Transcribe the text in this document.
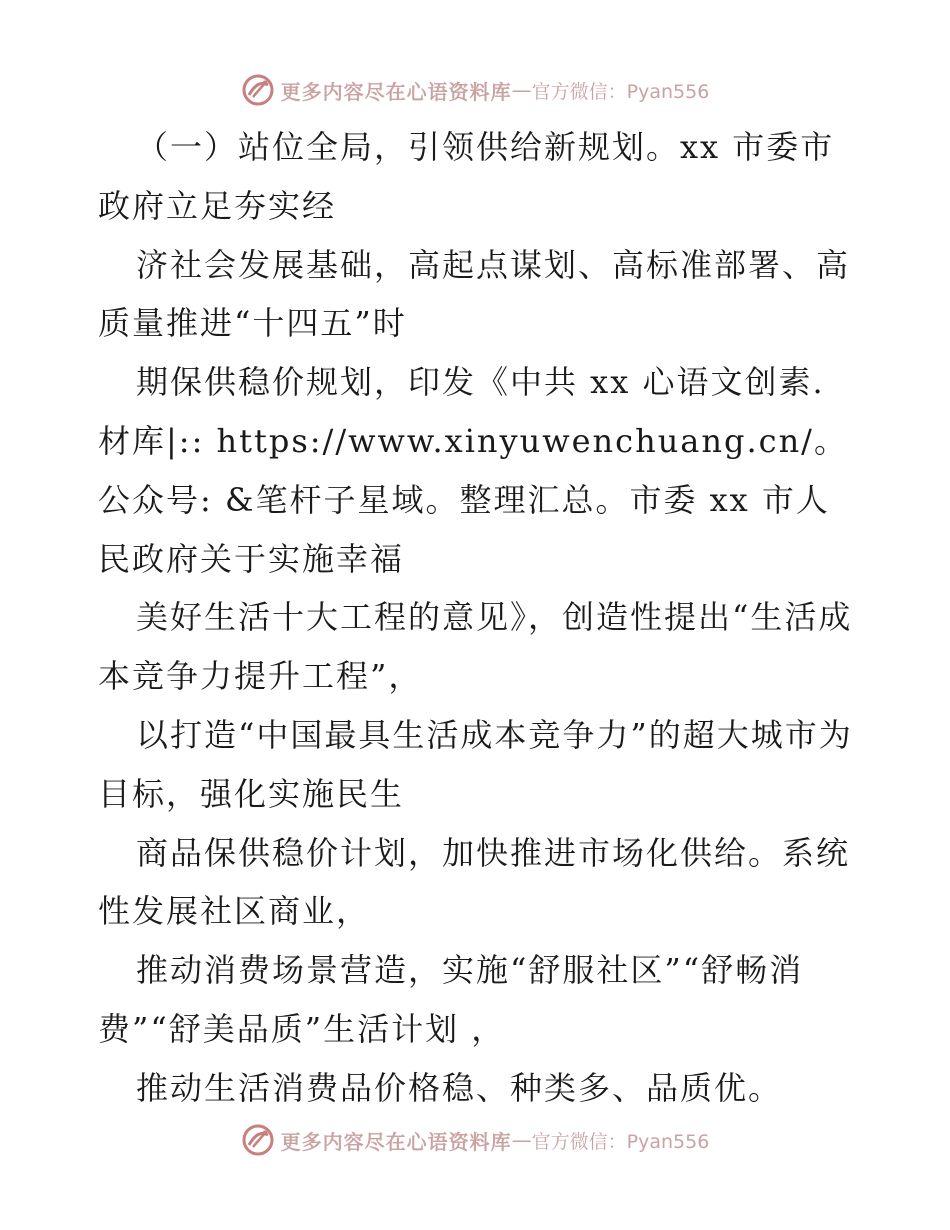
更多内容尽在心语资料库 — 官方微信：Pyan556

（一）站位全局，引领供给新规划。xx 市委市政府立足夯实经

济社会发展基础，高起点谋划、高标准部署、高质量推进“十四五”时

期保供稳价规划，印发《中共 xx 心语文创素.材库|:: https://www.xinyuwenchuang.cn/。公众号: &笔杆子星域。整理汇总。市委 xx 市人民政府关于实施幸福

美好生活十大工程的意见》，创造性提出“生活成本竞争力提升工程”，

以打造“中国最具生活成本竞争力”的超大城市为目标，强化实施民生

商品保供稳价计划，加快推进市场化供给。系统性发展社区商业，

推动消费场景营造，实施“舒服社区”“舒畅消费”“舒美品质”生活计划 ，

推动生活消费品价格稳、种类多、品质优。

更多内容尽在心语资料库 — 官方微信：Pyan556
